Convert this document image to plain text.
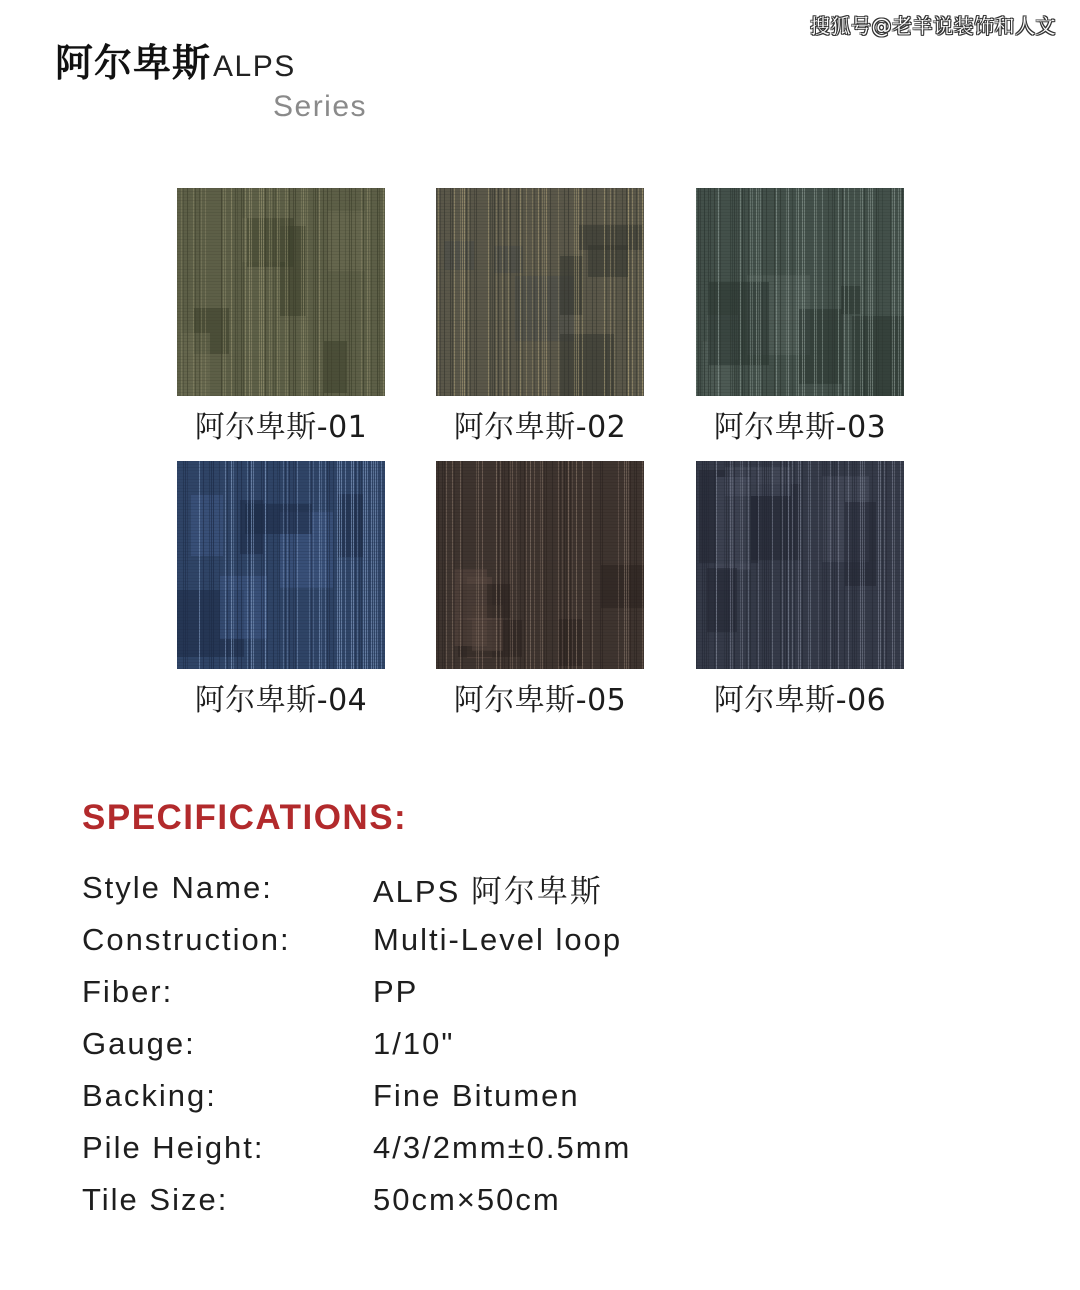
搜狐号@老羊说装饰和人文
阿尔卑斯 ALPS
Series
阿尔卑斯-01	阿尔卑斯-02	阿尔卑斯-03
阿尔卑斯-04	阿尔卑斯-05	阿尔卑斯-06
SPECIFICATIONS:
Style Name:	ALPS 阿尔卑斯
Construction:	Multi-Level loop
Fiber:	PP
Gauge:	1/10"
Backing:	Fine Bitumen
Pile Height:	4/3/2mm±0.5mm
Tile Size:	50cm×50cm
